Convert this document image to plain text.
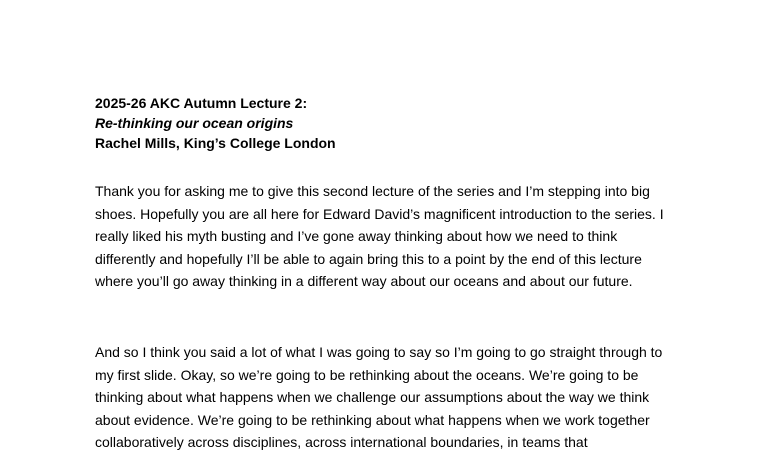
2025-26 AKC Autumn Lecture 2:
Re-thinking our ocean origins
Rachel Mills, King’s College London

Thank you for asking me to give this second lecture of the series and I’m stepping into big
shoes. Hopefully you are all here for Edward David’s magnificent introduction to the series. I
really liked his myth busting and I’ve gone away thinking about how we need to think
differently and hopefully I’ll be able to again bring this to a point by the end of this lecture
where you’ll go away thinking in a different way about our oceans and about our future.

And so I think you said a lot of what I was going to say so I’m going to go straight through to
my first slide. Okay, so we’re going to be rethinking about the oceans. We’re going to be
thinking about what happens when we challenge our assumptions about the way we think
about evidence. We’re going to be rethinking about what happens when we work together
collaboratively across disciplines, across international boundaries, in teams that
